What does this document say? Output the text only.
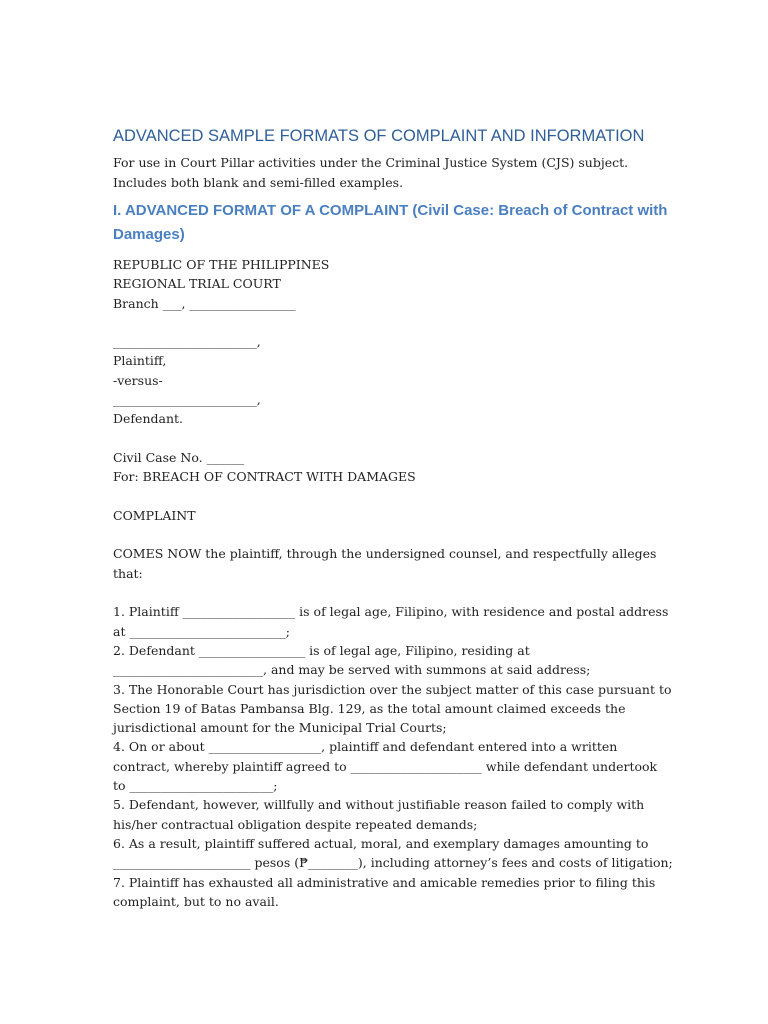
ADVANCED SAMPLE FORMATS OF COMPLAINT AND INFORMATION

For use in Court Pillar activities under the Criminal Justice System (CJS) subject. Includes both blank and semi-filled examples.

I. ADVANCED FORMAT OF A COMPLAINT (Civil Case: Breach of Contract with Damages)
REPUBLIC OF THE PHILIPPINES
REGIONAL TRIAL COURT
Branch ___, _________________
_______________________,
Plaintiff,
-versus-
_______________________,
Defendant.
Civil Case No. ______
For: BREACH OF CONTRACT WITH DAMAGES
COMPLAINT
COMES NOW the plaintiff, through the undersigned counsel, and respectfully alleges that:
1. Plaintiff __________________ is of legal age, Filipino, with residence and postal address at _________________________;
2. Defendant _________________ is of legal age, Filipino, residing at ________________________, and may be served with summons at said address;
3. The Honorable Court has jurisdiction over the subject matter of this case pursuant to Section 19 of Batas Pambansa Blg. 129, as the total amount claimed exceeds the jurisdictional amount for the Municipal Trial Courts;
4. On or about __________________, plaintiff and defendant entered into a written contract, whereby plaintiff agreed to _____________________ while defendant undertook to _______________________;
5. Defendant, however, willfully and without justifiable reason failed to comply with his/her contractual obligation despite repeated demands;
6. As a result, plaintiff suffered actual, moral, and exemplary damages amounting to ______________________ pesos (₱________), including attorney’s fees and costs of litigation;
7. Plaintiff has exhausted all administrative and amicable remedies prior to filing this complaint, but to no avail.
